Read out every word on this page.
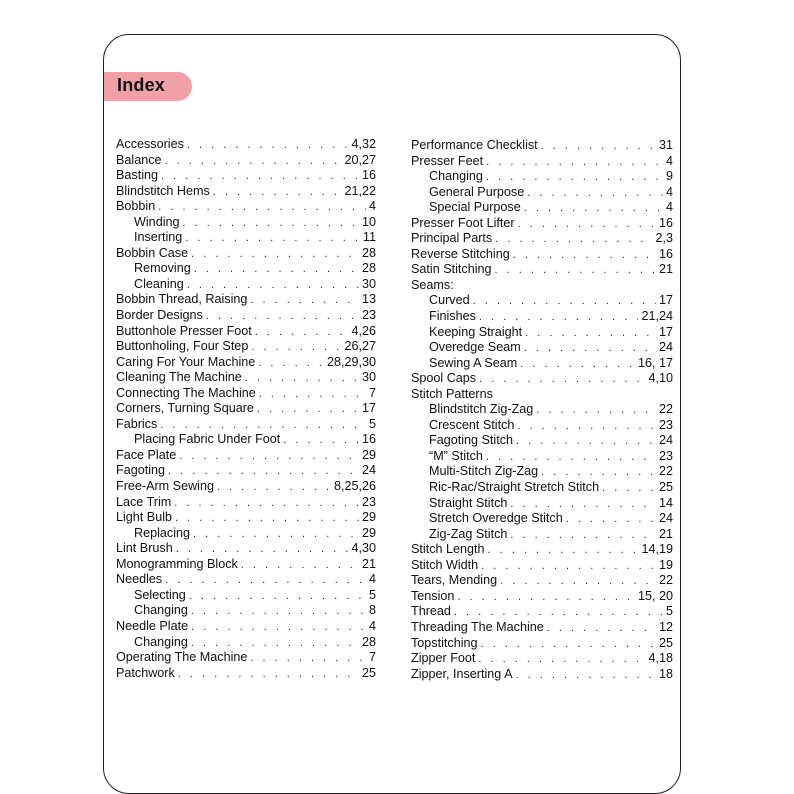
Index
Accessories . . .	4,32
Balance . . .	20,27
Basting . . .	16
Blindstitch Hems . . .	21,22
Bobbin . . .	4
Winding . . .	10
Inserting . . .	11
Bobbin Case . . .	28
Removing . . .	28
Cleaning . . .	30
Bobbin Thread, Raising . . .	13
Border Designs . . .	23
Buttonhole Presser Foot . . .	4,26
Buttonholing, Four Step . . .	26,27
Caring For Your Machine . . .	28,29,30
Cleaning The Machine . . .	30
Connecting The Machine . . .	7
Corners, Turning Square . . .	17
Fabrics . . .	5
Placing Fabric Under Foot . . .	16
Face Plate . . .	29
Fagoting . . .	24
Free-Arm Sewing . . .	8,25,26
Lace Trim . . .	23
Light Bulb . . .	29
Replacing . . .	29
Lint Brush . . .	4,30
Monogramming Block . . .	21
Needles . . .	4
Selecting . . .	5
Changing . . .	8
Needle Plate . . .	4
Changing . . .	28
Operating The Machine . . .	7
Patchwork . . .	25
Performance Checklist . . .	31
Presser Feet . . .	4
Changing . . .	9
General Purpose . . .	4
Special Purpose . . .	4
Presser Foot Lifter . . .	16
Principal Parts . . .	2,3
Reverse Stitching . . .	16
Satin Stitching . . .	21
Seams:
Curved . . .	17
Finishes . . .	21,24
Keeping Straight . . .	17
Overedge Seam . . .	24
Sewing A Seam . . .	16, 17
Spool Caps . . .	4,10
Stitch Patterns
Blindstitch Zig-Zag . . .	22
Crescent Stitch . . .	23
Fagoting Stitch . . .	24
“M” Stitch . . .	23
Multi-Stitch Zig-Zag . . .	22
Ric-Rac/Straight Stretch Stitch . . .	25
Straight Stitch . . .	14
Stretch Overedge Stitch . . .	24
Zig-Zag Stitch . . .	21
Stitch Length . . .	14,19
Stitch Width . . .	19
Tears, Mending . . .	22
Tension . . .	15, 20
Thread . . .	5
Threading The Machine . . .	12
Topstitching . . .	25
Zipper Foot . . .	4,18
Zipper, Inserting A . . .	18
